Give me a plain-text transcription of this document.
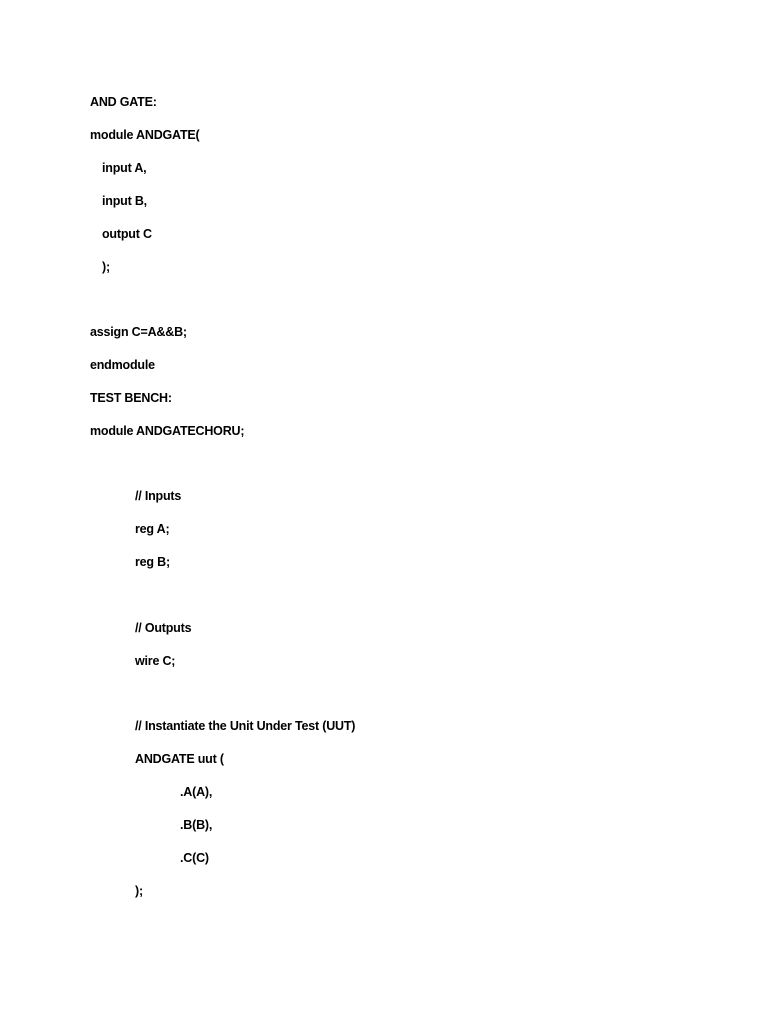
AND GATE:
module ANDGATE(
input A,
input B,
output C
);
assign C=A&&B;
endmodule
TEST BENCH:
module ANDGATECHORU;
// Inputs
reg A;
reg B;
// Outputs
wire C;
// Instantiate the Unit Under Test (UUT)
ANDGATE uut (
.A(A),
.B(B),
.C(C)
);
